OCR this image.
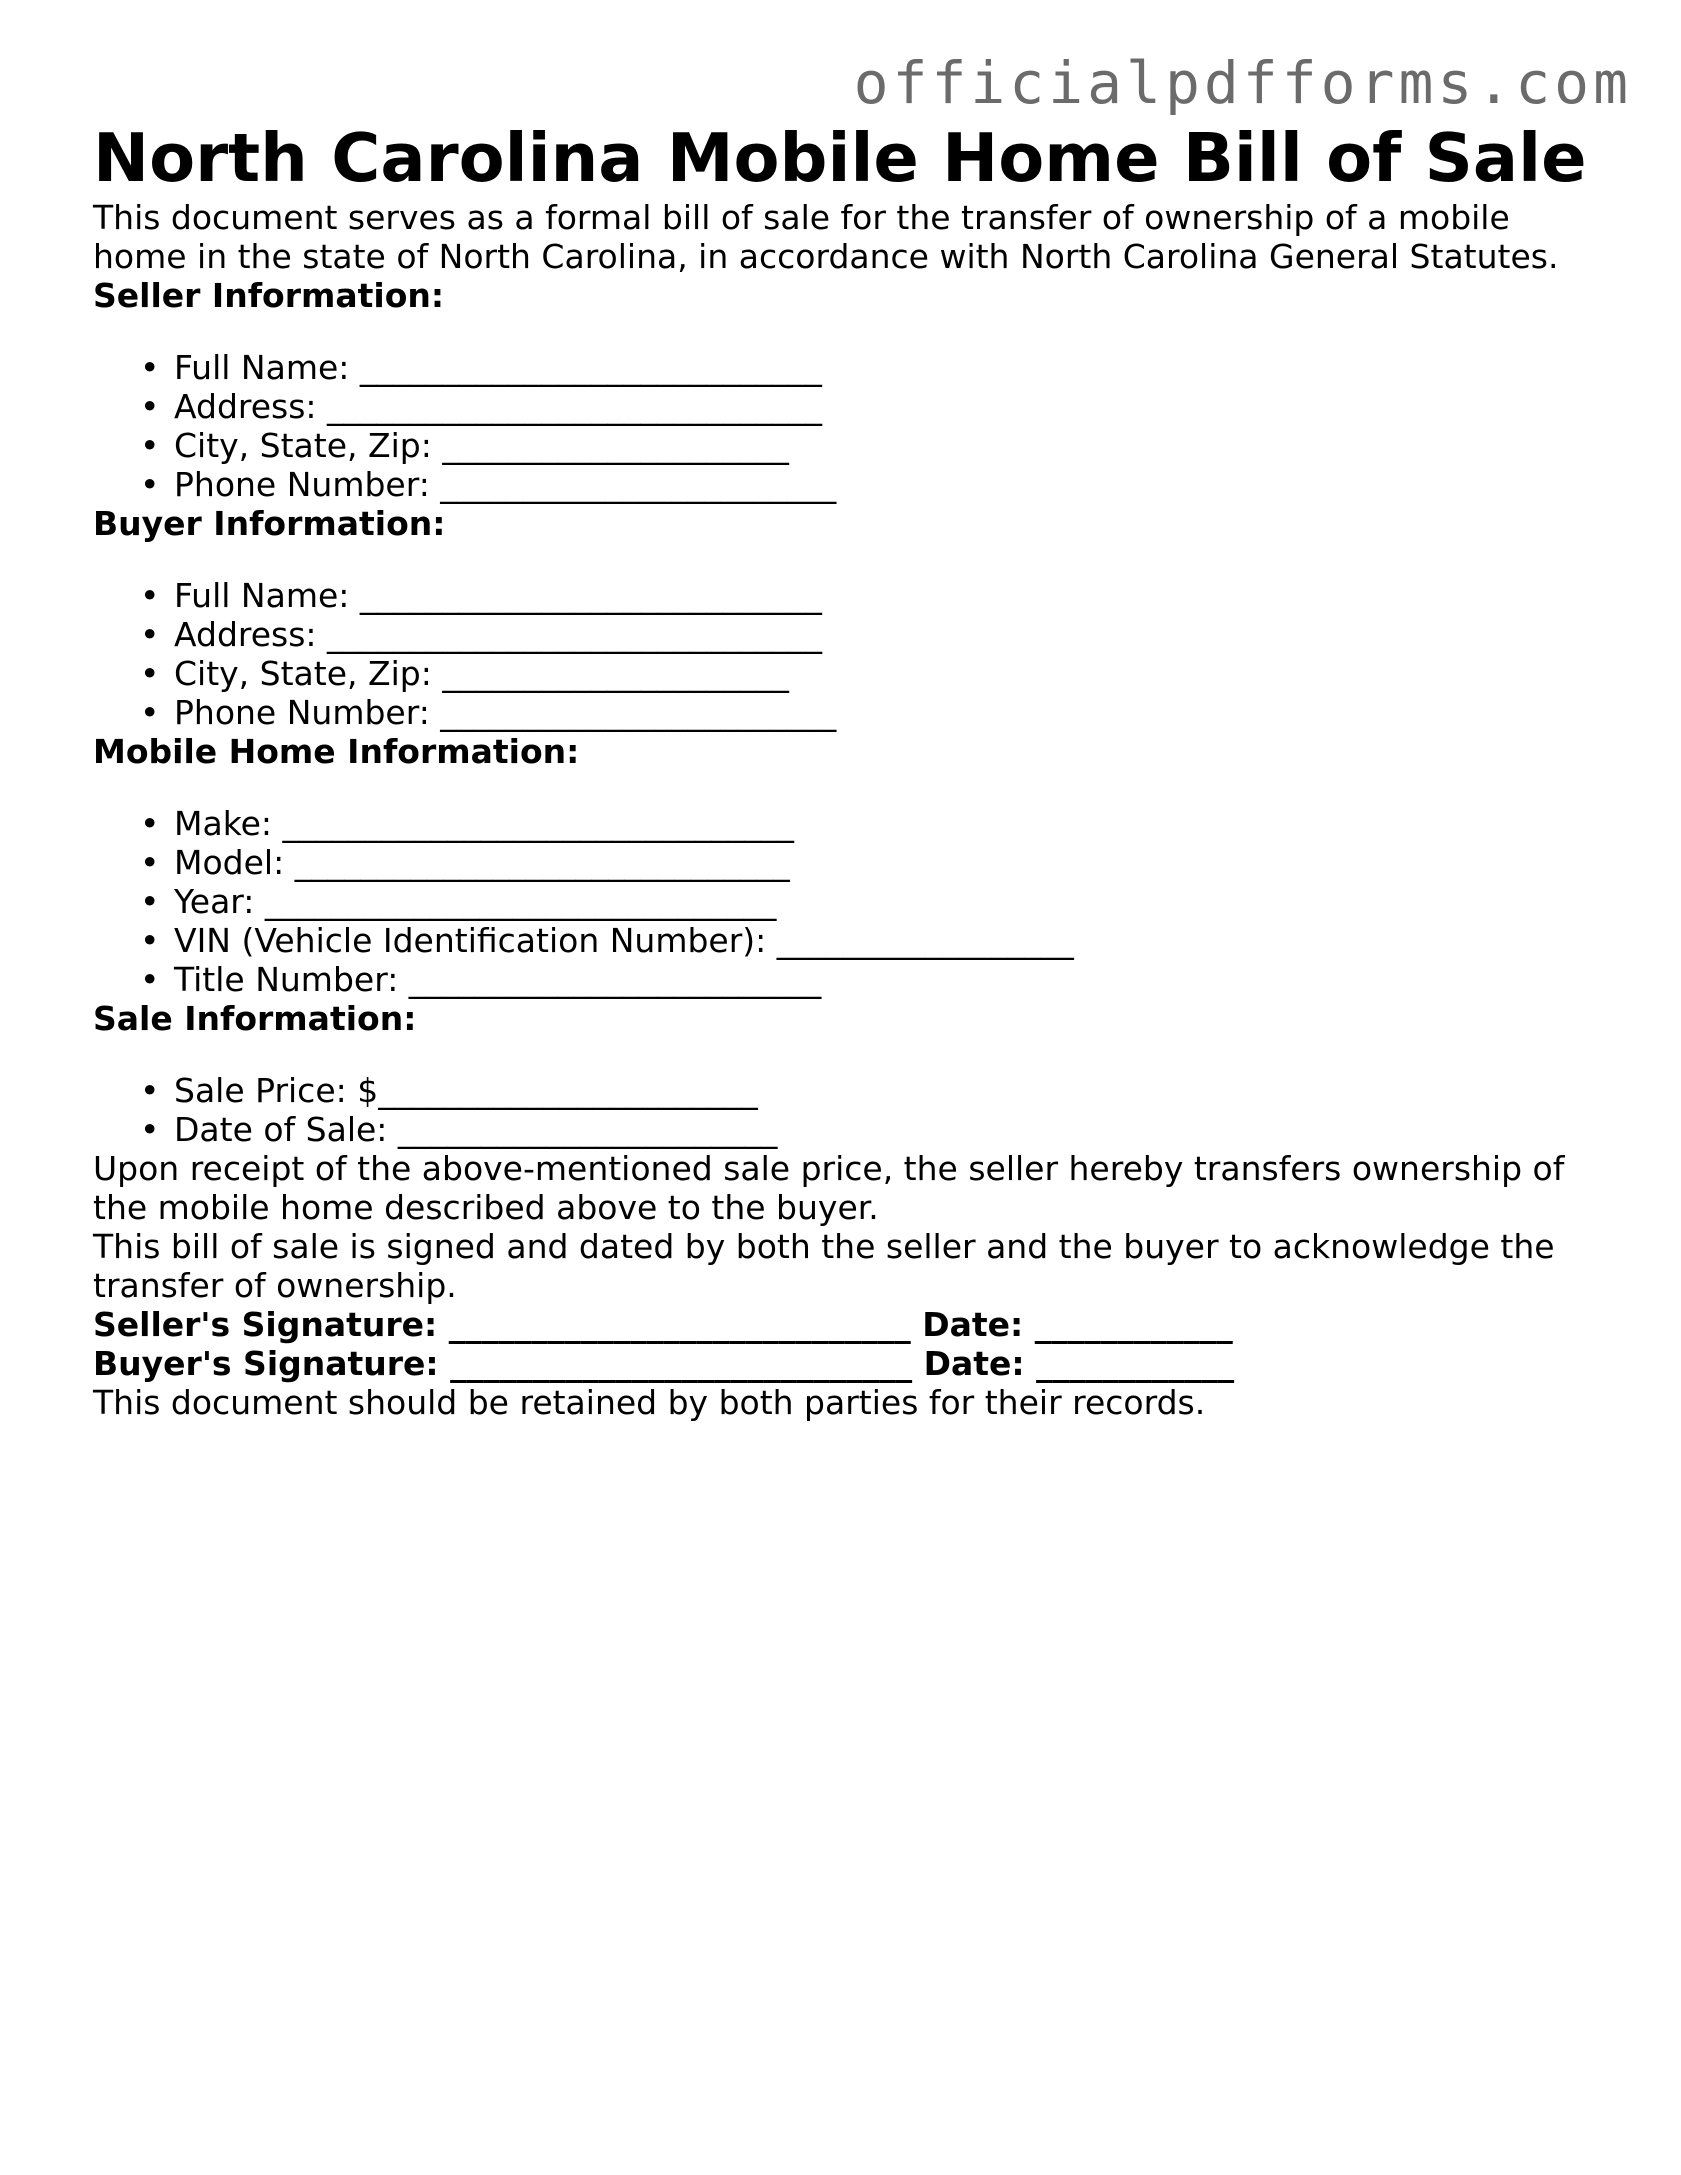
officialpdfforms.com
North Carolina Mobile Home Bill of Sale

This document serves as a formal bill of sale for the transfer of ownership of a mobile home in the state of North Carolina, in accordance with North Carolina General Statutes.

Seller Information:
• Full Name: ____________________________
• Address: ______________________________
• City, State, Zip: _____________________
• Phone Number: ________________________
Buyer Information:
• Full Name: ____________________________
• Address: ______________________________
• City, State, Zip: _____________________
• Phone Number: ________________________
Mobile Home Information:
• Make: _______________________________
• Model: ______________________________
• Year: _______________________________
• VIN (Vehicle Identification Number): __________________
• Title Number: _________________________
Sale Information:
• Sale Price: $_______________________
• Date of Sale: _______________________

Upon receipt of the above-mentioned sale price, the seller hereby transfers ownership of the mobile home described above to the buyer.

This bill of sale is signed and dated by both the seller and the buyer to acknowledge the transfer of ownership.

Seller's Signature: ____________________________ Date: ____________

Buyer's Signature: ____________________________ Date: ____________

This document should be retained by both parties for their records.
